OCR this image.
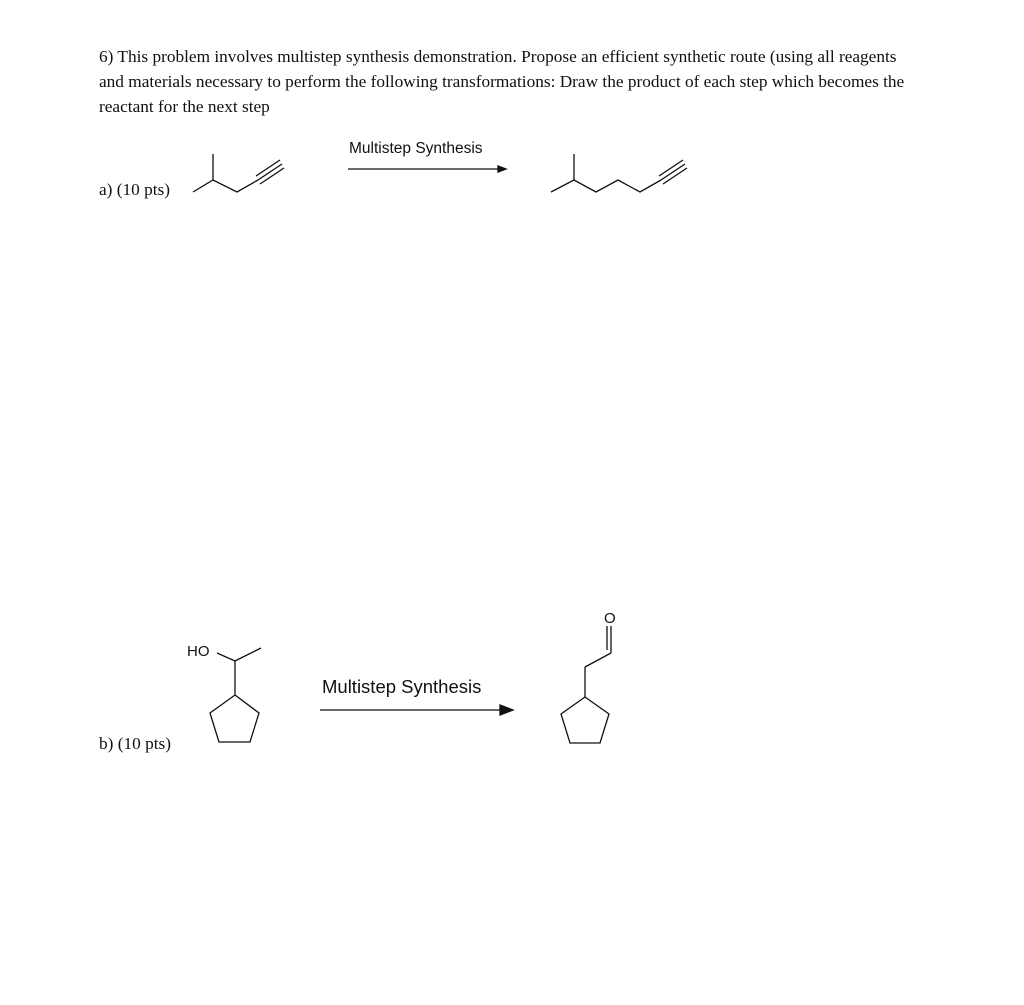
6) This problem involves multistep synthesis demonstration. Propose an efficient synthetic route (using all reagents and materials necessary to perform the following transformations: Draw the product of each step which becomes the reactant for the next step
a) (10 pts)
Multistep Synthesis
b) (10 pts)
Multistep Synthesis
HO
O
